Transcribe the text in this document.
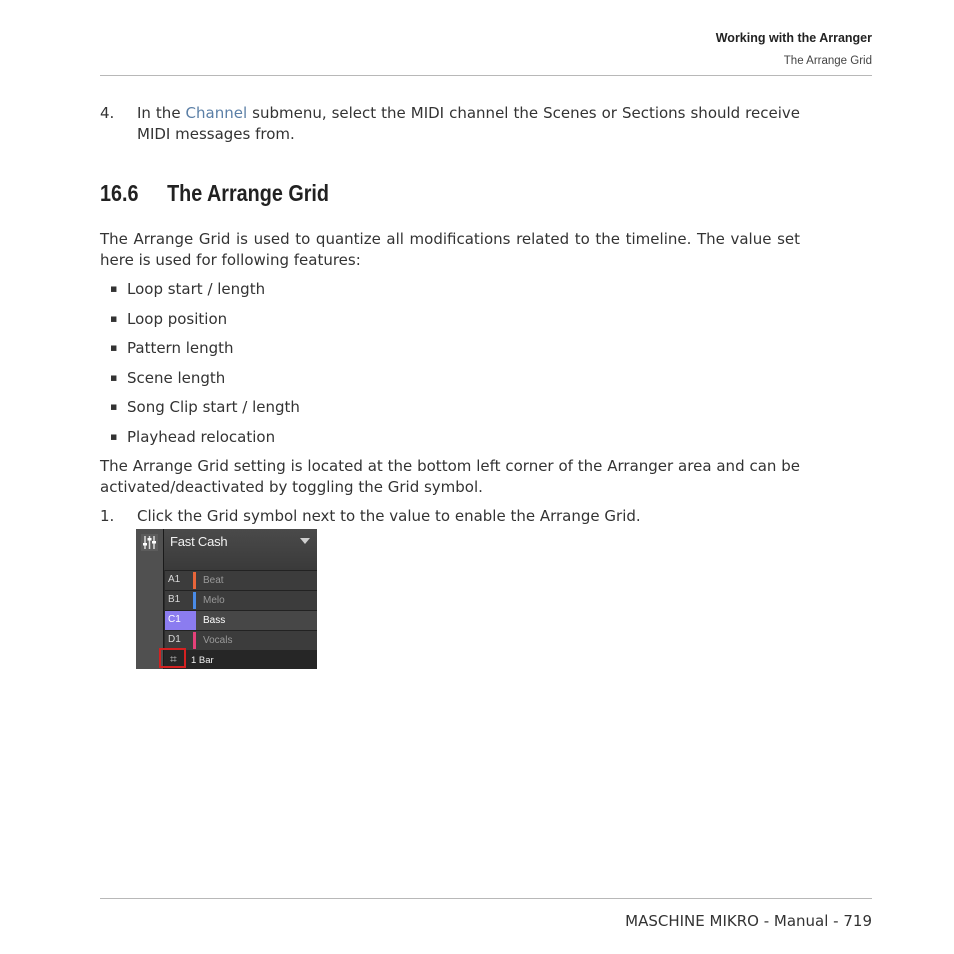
Working with the Arranger
The Arrange Grid
4. In the Channel submenu, select the MIDI channel the Scenes or Sections should receive MIDI messages from.
16.6 The Arrange Grid
The Arrange Grid is used to quantize all modifications related to the timeline. The value set here is used for following features:
▪ Loop start / length
▪ Loop position
▪ Pattern length
▪ Scene length
▪ Song Clip start / length
▪ Playhead relocation
The Arrange Grid setting is located at the bottom left corner of the Arranger area and can be activated/deactivated by toggling the Grid symbol.
1. Click the Grid symbol next to the value to enable the Arrange Grid.
Fast Cash
A1 Beat
B1 Melo
C1 Bass
D1 Vocals
⌗ 1 Bar
MASCHINE MIKRO - Manual - 719
